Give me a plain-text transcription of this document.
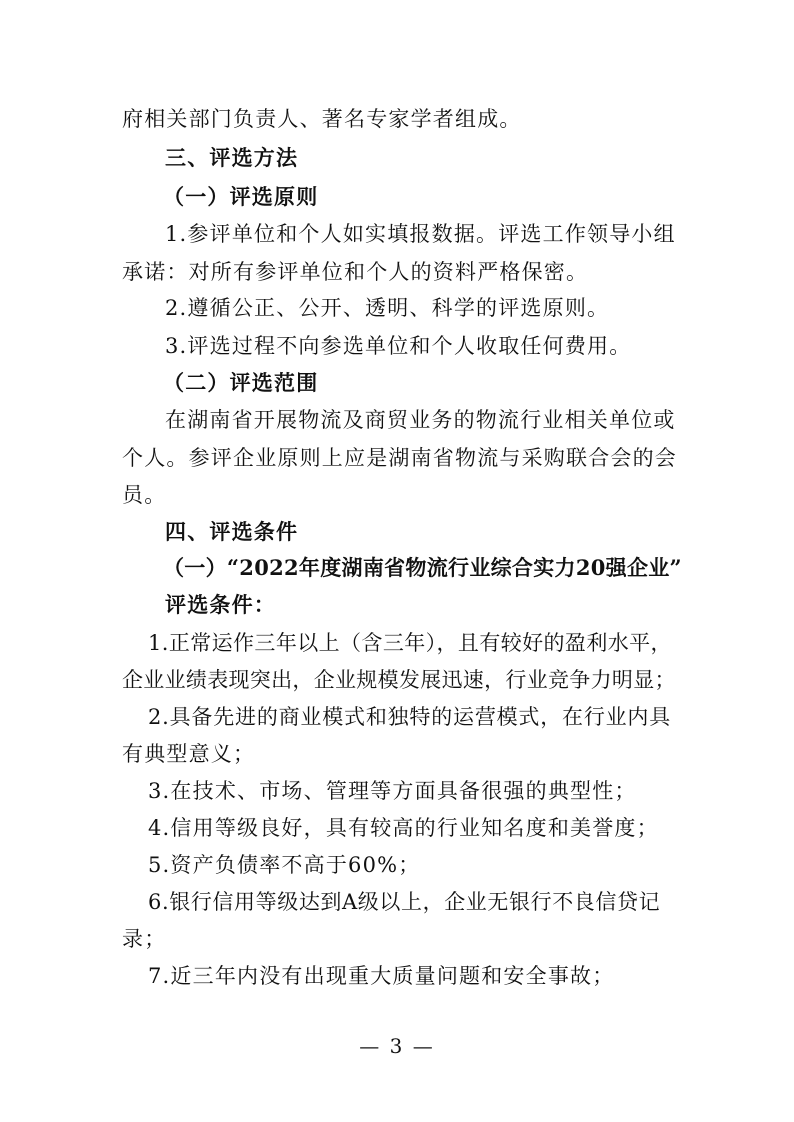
府相关部门负责人、著名专家学者组成。
三、评选方法
（一）评选原则
1.参评单位和个人如实填报数据。评选工作领导小组
承诺：对所有参评单位和个人的资料严格保密。
2.遵循公正、公开、透明、科学的评选原则。
3.评选过程不向参选单位和个人收取任何费用。
（二）评选范围
在湖南省开展物流及商贸业务的物流行业相关单位或
个人。参评企业原则上应是湖南省物流与采购联合会的会
员。
四、评选条件
（一）“2022年度湖南省物流行业综合实力20强企业”
评选条件：
1.正常运作三年以上（含三年），且有较好的盈利水平，
企业业绩表现突出，企业规模发展迅速，行业竞争力明显；
2.具备先进的商业模式和独特的运营模式，在行业内具
有典型意义；
3.在技术、市场、管理等方面具备很强的典型性；
4.信用等级良好，具有较高的行业知名度和美誉度；
5.资产负债率不高于60%；
6.银行信用等级达到A级以上，企业无银行不良信贷记
录；
7.近三年内没有出现重大质量问题和安全事故；
— 3 —
